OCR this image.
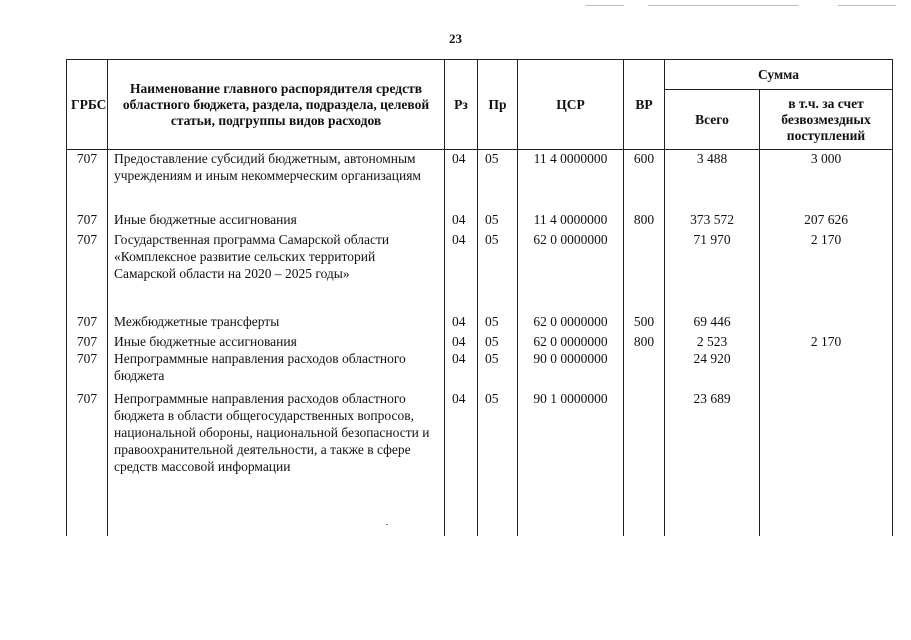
23
ГРБС	Наименование главного распорядителя средств областного бюджета, раздела, подраздела, целевой статьи, подгруппы видов расходов	Рз	Пр	ЦСР	ВР	Сумма	
						Всего	в т.ч. за счет безвозмездных поступлений
707	Предоставление субсидий бюджетным, автономным учреждениям и иным некоммерческим организациям	04	05	11 4 0000000	600	3 488	3 000
707	Иные бюджетные ассигнования	04	05	11 4 0000000	800	373 572	207 626
707	Государственная программа Самарской области «Комплексное развитие сельских территорий Самарской области на 2020 – 2025 годы»	04	05	62 0 0000000		71 970	2 170
707	Межбюджетные трансферты	04	05	62 0 0000000	500	69 446	
707	Иные бюджетные ассигнования	04	05	62 0 0000000	800	2 523	2 170
707	Непрограммные направления расходов областного бюджета	04	05	90 0 0000000		24 920	
707	Непрограммные направления расходов областного бюджета в области общегосударственных вопросов, национальной обороны, национальной безопасности и правоохранительной деятельности, а также в сфере средств массовой информации	04	05	90 1 0000000		23 689	
